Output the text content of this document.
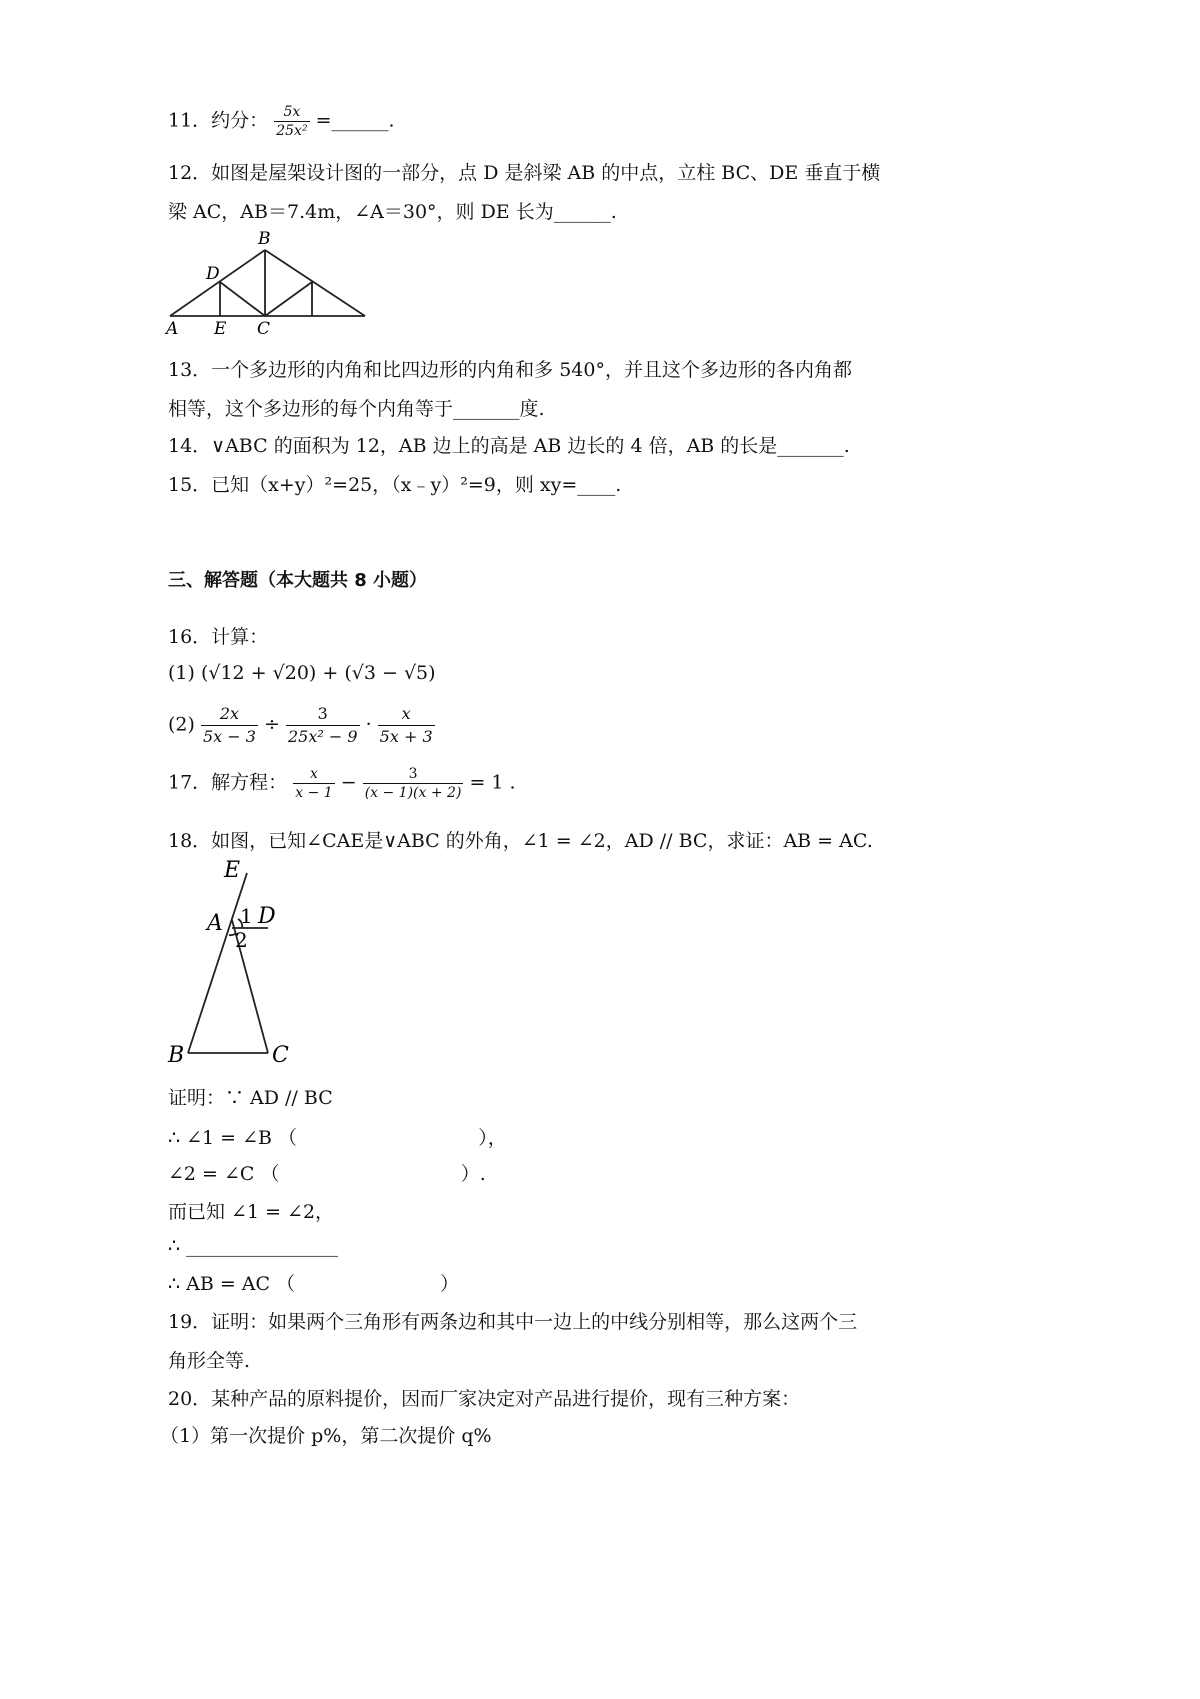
11．约分： $\frac{5x}{\text{25x²}}$ =______.
12．如图是屋架设计图的一部分，点 D 是斜梁 AB 的中点，立柱 BC、DE 垂直于横
梁 AC，AB＝7.4m，∠A＝30°，则 DE 长为______.
B
D
A E C
13．一个多边形的内角和比四边形的内角和多 540°，并且这个多边形的各内角都
相等，这个多边形的每个内角等于_______度.
14．∨ABC 的面积为 12，AB 边上的高是 AB 边长的 4 倍，AB 的长是_______.
15．已知（x+y）²=25，（x﹣y）²=9，则 xy=____.
三、解答题（本大题共 8 小题）
16．计算：
(1) (√12 + √20) + (√3 − √5)
$(2) \frac{2x}{5x - 3} \div \frac{3}{\text{25x² − 9}} \cdot \frac{x}{5x + 3}$
17．解方程： $\frac{x}{x - 1} - \frac{3}{(x - 1)(x + 2)} = 1$ .
18．如图，已知∠CAE是∨ABC 的外角，∠1 = ∠2，AD // BC，求证：AB = AC.
E
A 1 D
2
B	C
证明：∵ AD // BC
∴ ∠1 = ∠B （                              ），
∠2 = ∠C （                              ）.
而已知 ∠1 = ∠2，
∴ ________________
∴ AB = AC （                        ）
19．证明：如果两个三角形有两条边和其中一边上的中线分别相等，那么这两个三
角形全等.
20．某种产品的原料提价，因而厂家决定对产品进行提价，现有三种方案：
（1）第一次提价 p%，第二次提价 q%
